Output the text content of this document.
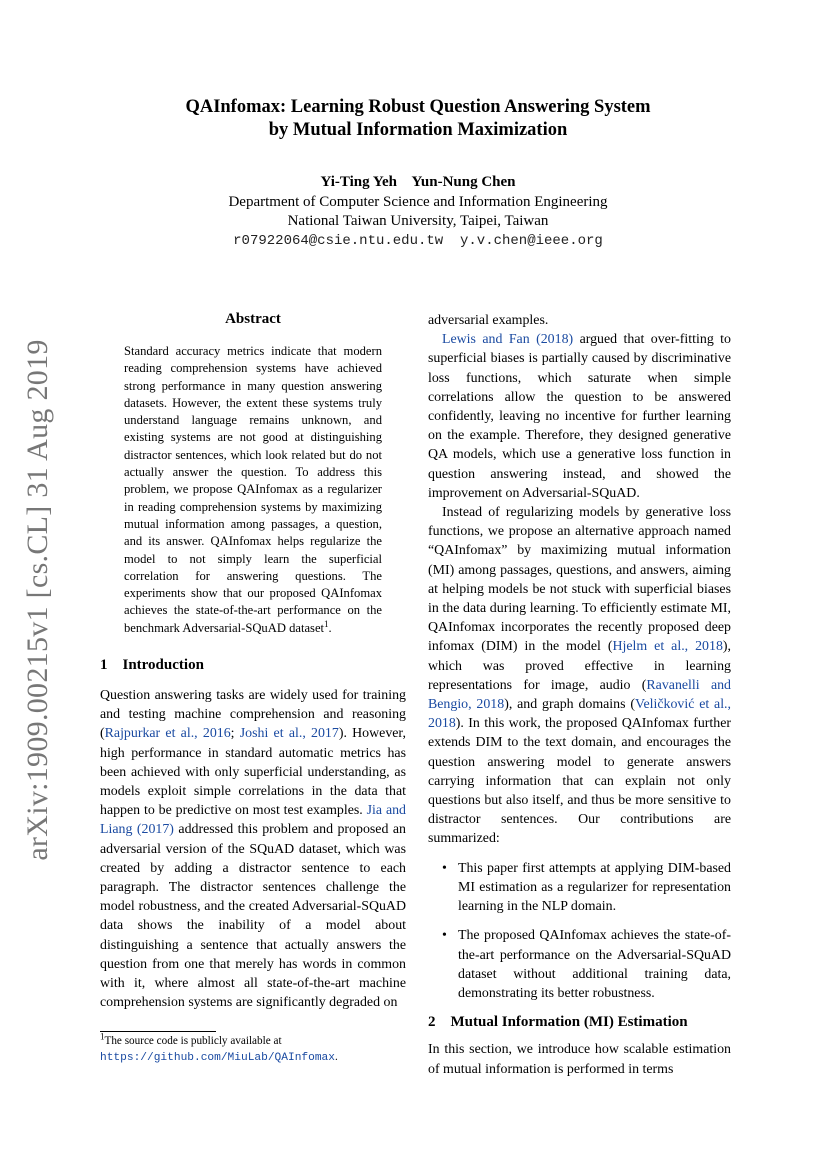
arXiv:1909.00215v1 [cs.CL] 31 Aug 2019
QAInfomax: Learning Robust Question Answering System
by Mutual Information Maximization
Yi-Ting Yeh    Yun-Nung Chen
Department of Computer Science and Information Engineering
National Taiwan University, Taipei, Taiwan
r07922064@csie.ntu.edu.tw  y.v.chen@ieee.org
Abstract
Standard accuracy metrics indicate that modern reading comprehension systems have achieved strong performance in many question answering datasets. However, the extent these systems truly understand language remains unknown, and existing systems are not good at distinguishing distractor sentences, which look related but do not actually answer the question. To address this problem, we propose QAInfomax as a regularizer in reading comprehension systems by maximizing mutual information among passages, a question, and its answer. QAInfomax helps regularize the model to not simply learn the superficial correlation for answering questions. The experiments show that our proposed QAInfomax achieves the state-of-the-art performance on the benchmark Adversarial-SQuAD dataset$^1$.
1    Introduction

Question answering tasks are widely used for training and testing machine comprehension and reasoning (Rajpurkar et al., 2016; Joshi et al., 2017). However, high performance in standard automatic metrics has been achieved with only superficial understanding, as models exploit simple correlations in the data that happen to be predictive on most test examples. Jia and Liang (2017) addressed this problem and proposed an adversarial version of the SQuAD dataset, which was created by adding a distractor sentence to each paragraph. The distractor sentences challenge the model robustness, and the created Adversarial-SQuAD data shows the inability of a model about distinguishing a sentence that actually answers the question from one that merely has words in common with it, where almost all state-of-the-art machine comprehension systems are significantly degraded on

$^1$The source code is publicly available at https://github.com/MiuLab/QAInfomax.

adversarial examples.

Lewis and Fan (2018) argued that over-fitting to superficial biases is partially caused by discriminative loss functions, which saturate when simple correlations allow the question to be answered confidently, leaving no incentive for further learning on the example. Therefore, they designed generative QA models, which use a generative loss function in question answering instead, and showed the improvement on Adversarial-SQuAD.

Instead of regularizing models by generative loss functions, we propose an alternative approach named “QAInfomax” by maximizing mutual information (MI) among passages, questions, and answers, aiming at helping models be not stuck with superficial biases in the data during learning. To efficiently estimate MI, QAInfomax incorporates the recently proposed deep infomax (DIM) in the model (Hjelm et al., 2018), which was proved effective in learning representations for image, audio (Ravanelli and Bengio, 2018), and graph domains (Veličković et al., 2018). In this work, the proposed QAInfomax further extends DIM to the text domain, and encourages the question answering model to generate answers carrying information that can explain not only questions but also itself, and thus be more sensitive to distractor sentences. Our contributions are summarized:

• This paper first attempts at applying DIM-based MI estimation as a regularizer for representation learning in the NLP domain.
• The proposed QAInfomax achieves the state-of-the-art performance on the Adversarial-SQuAD dataset without additional training data, demonstrating its better robustness.
2    Mutual Information (MI) Estimation

In this section, we introduce how scalable estimation of mutual information is performed in terms
